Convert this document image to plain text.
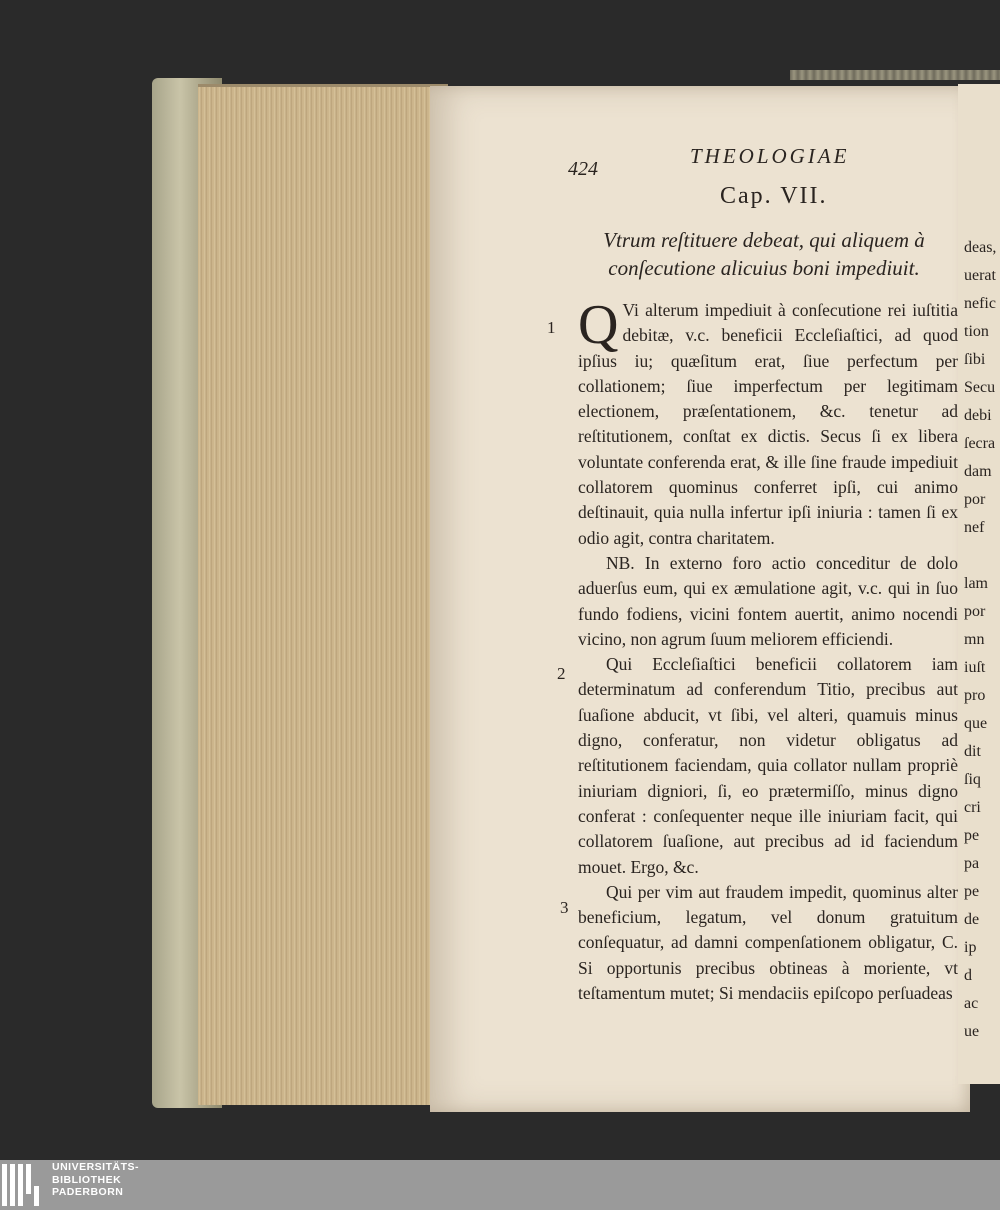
deas,
uerat
nefic
tion
ſibi
Secu
debi
ſecra
dam
por
nef

lam
por
mn
iuſt
pro
que
dit
ſiq
cri
pe
pa
pe
de
ip
d
ac
ue
424
THEOLOGIAE
Cap. VII.
Vtrum reſtituere debeat, qui aliquem à conſecutione alicuius boni impediuit.
1
2
3

Q Vi alterum impediuit à conſecutione rei iuſtitia debitæ, v.c. beneficii Eccleſiaſtici, ad quod ipſius iu; quæſitum erat, ſiue perfectum per collationem; ſiue imperfectum per legitimam electionem, præſentationem, &c. tenetur ad reſtitutionem, conſtat ex dictis. Secus ſi ex libera voluntate conferenda erat, & ille ſine fraude impediuit collatorem quominus conferret ipſi, cui animo deſtinauit, quia nulla infertur ipſi iniuria : tamen ſi ex odio agit, contra charitatem.

NB. In externo foro actio conceditur de dolo aduerſus eum, qui ex æmulatione agit, v.c. qui in ſuo fundo fodiens, vicini fontem auertit, animo nocendi vicino, non agrum ſuum meliorem efficiendi.

Qui Eccleſiaſtici beneficii collatorem iam determinatum ad conferendum Titio, precibus aut ſuaſione abducit, vt ſibi, vel alteri, quamuis minus digno, conferatur, non videtur obligatus ad reſtitutionem faciendam, quia collator nullam propriè iniuriam digniori, ſi, eo prætermiſſo, minus digno conferat : conſequenter neque ille iniuriam facit, qui collatorem ſuaſione, aut precibus ad id faciendum mouet. Ergo, &c.

Qui per vim aut fraudem impedit, quominus alter beneficium, legatum, vel donum gratuitum conſequatur, ad damni compenſationem obligatur, C. Si opportunis precibus obtineas à moriente, vt teſtamentum mutet; Si mendaciis epiſcopo perſuadeas

UNIVERSITÄTS-
BIBLIOTHEK
PADERBORN
